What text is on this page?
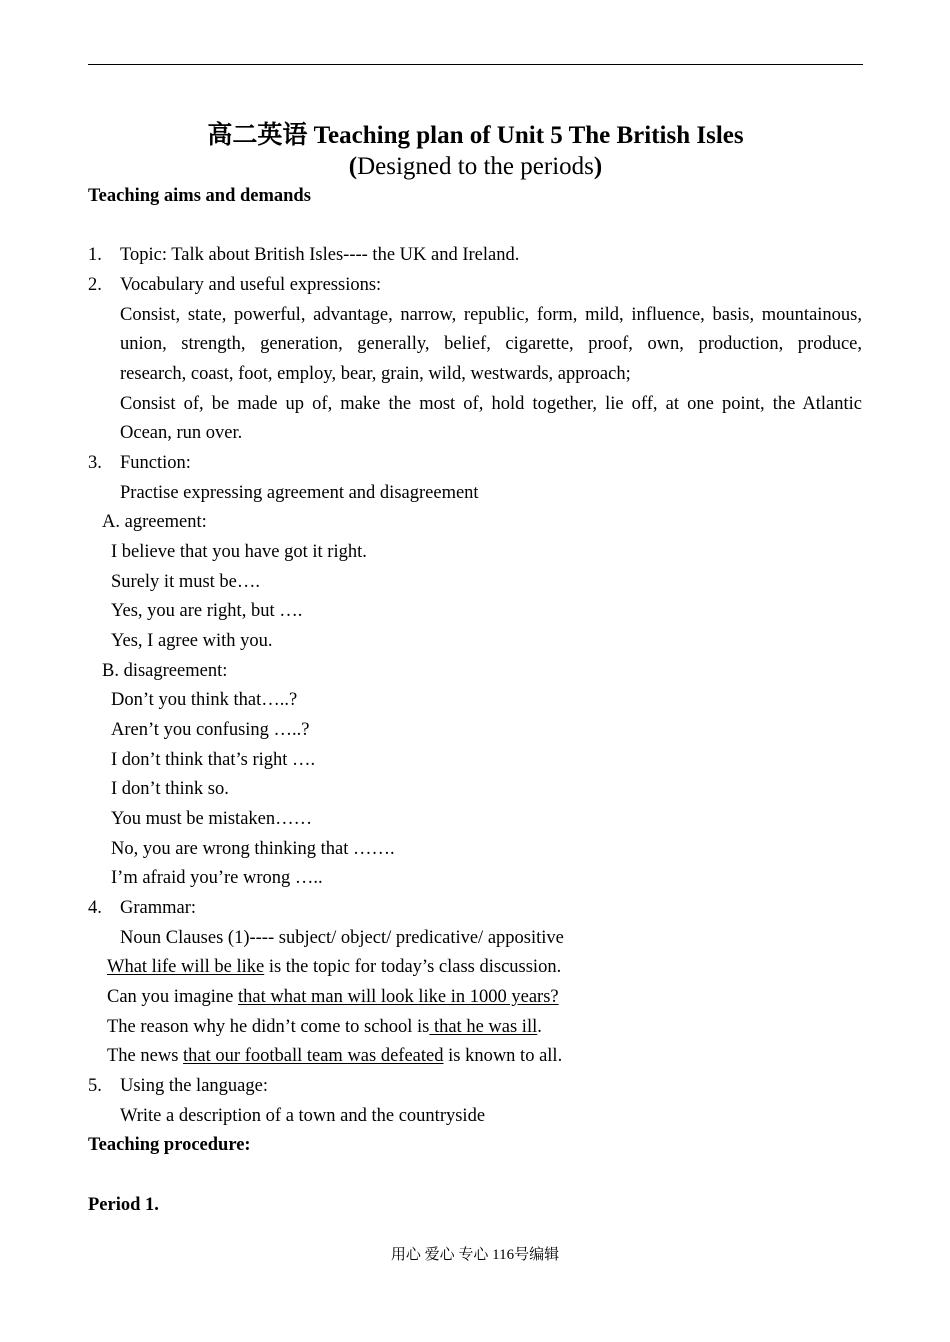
高二英语 Teaching plan of Unit 5 The British Isles
(Designed to the periods)
Teaching aims and demands
1. Topic: Talk about British Isles---- the UK and Ireland.
2. Vocabulary and useful expressions:
Consist, state, powerful, advantage, narrow, republic, form, mild, influence, basis, mountainous,
union, strength, generation, generally, belief, cigarette, proof, own, production, produce,
research, coast, foot, employ, bear, grain, wild, westwards, approach;
Consist of, be made up of, make the most of, hold together, lie off, at one point, the Atlantic
Ocean, run over.
3. Function:
Practise expressing agreement and disagreement
A. agreement:
I believe that you have got it right.
Surely it must be….
Yes, you are right, but ….
Yes, I agree with you.
B. disagreement:
Don’t you think that…..?
Aren’t you confusing …..?
I don’t think that’s right ….
I don’t think so.
You must be mistaken……
No, you are wrong thinking that …….
I’m afraid you’re wrong …..
4. Grammar:
Noun Clauses (1)---- subject/ object/ predicative/ appositive
What life will be like is the topic for today’s class discussion.
Can you imagine that what man will look like in 1000 years?
The reason why he didn’t come to school is that he was ill.
The news that our football team was defeated is known to all.
5. Using the language:
Write a description of a town and the countryside
Teaching procedure:
Period 1.
用心 爱心 专心 116号编辑
